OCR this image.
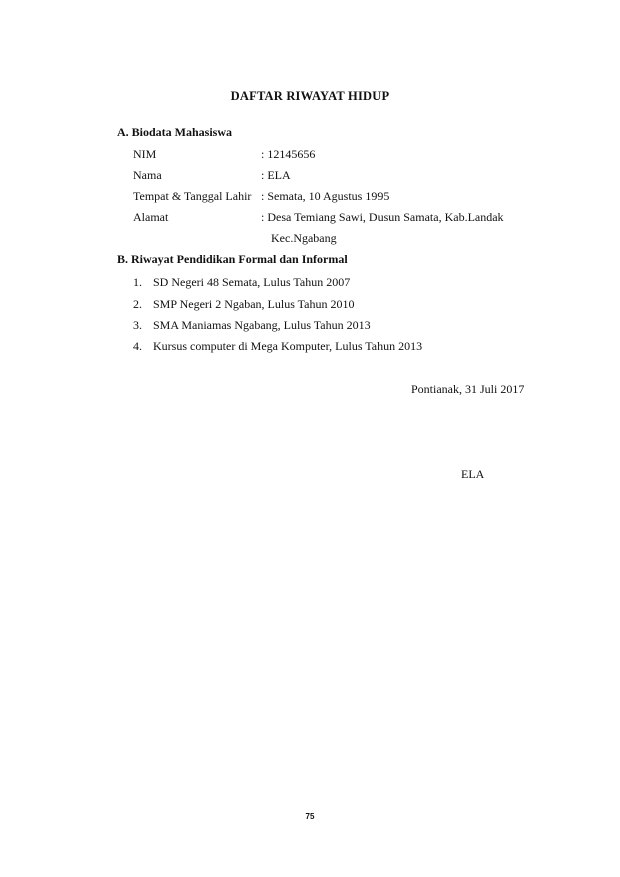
DAFTAR RIWAYAT HIDUP
A. Biodata Mahasiswa
NIM	: 12145656
Nama	: ELA
Tempat & Tanggal Lahir : Semata, 10 Agustus 1995
Alamat	: Desa Temiang Sawi, Dusun Samata, Kab.Landak
Kec.Ngabang
B. Riwayat Pendidikan Formal dan Informal
1. SD Negeri 48 Semata, Lulus Tahun 2007
2. SMP Negeri 2 Ngaban, Lulus Tahun 2010
3. SMA Maniamas Ngabang, Lulus Tahun 2013
4. Kursus computer di Mega Komputer, Lulus Tahun 2013
Pontianak, 31 Juli 2017
ELA
75
